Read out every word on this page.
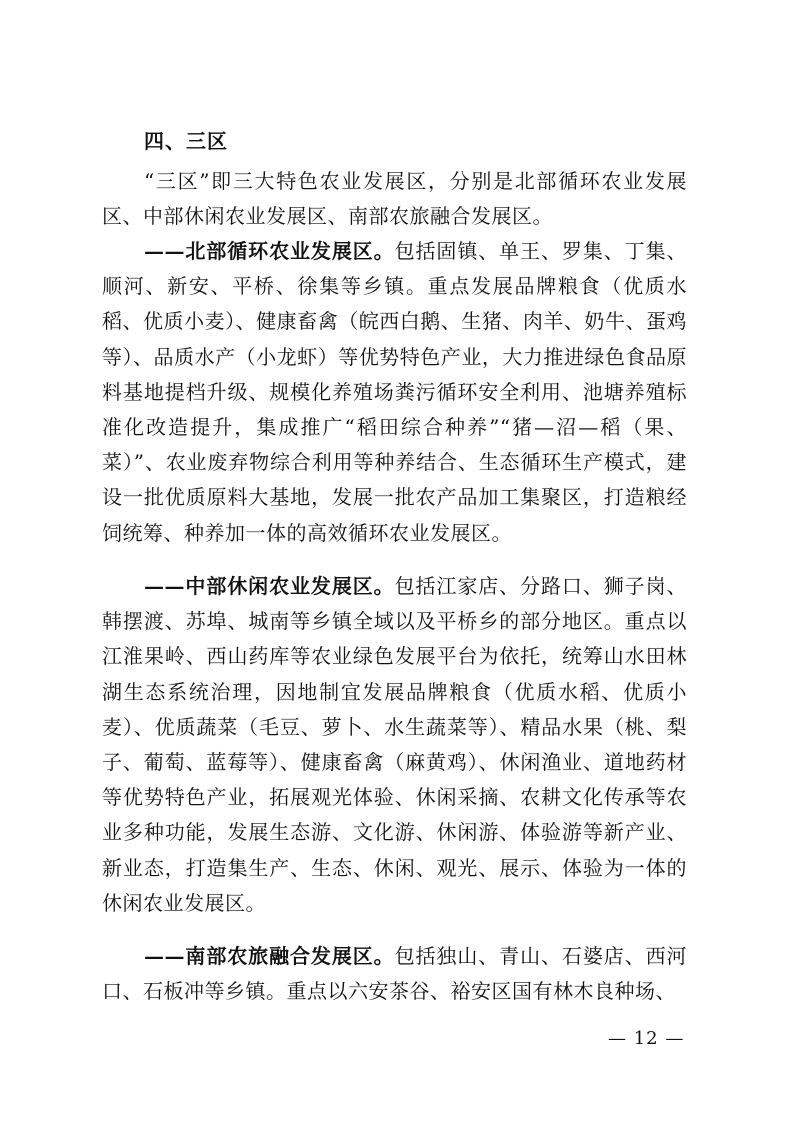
四、三区
“三区”即三大特色农业发展区，分别是北部循环农业发展区、中部休闲农业发展区、南部农旅融合发展区。
——北部循环农业发展区。包括固镇、单王、罗集、丁集、顺河、新安、平桥、徐集等乡镇。重点发展品牌粮食（优质水稻、优质小麦）、健康畜禽（皖西白鹅、生猪、肉羊、奶牛、蛋鸡等）、品质水产（小龙虾）等优势特色产业，大力推进绿色食品原料基地提档升级、规模化养殖场粪污循环安全利用、池塘养殖标准化改造提升，集成推广“稻田综合种养”“猪—沼—稻（果、菜）”、农业废弃物综合利用等种养结合、生态循环生产模式，建设一批优质原料大基地，发展一批农产品加工集聚区，打造粮经饲统筹、种养加一体的高效循环农业发展区。
——中部休闲农业发展区。包括江家店、分路口、狮子岗、韩摆渡、苏埠、城南等乡镇全域以及平桥乡的部分地区。重点以江淮果岭、西山药库等农业绿色发展平台为依托，统筹山水田林湖生态系统治理，因地制宜发展品牌粮食（优质水稻、优质小麦）、优质蔬菜（毛豆、萝卜、水生蔬菜等）、精品水果（桃、梨子、葡萄、蓝莓等）、健康畜禽（麻黄鸡）、休闲渔业、道地药材等优势特色产业，拓展观光体验、休闲采摘、农耕文化传承等农业多种功能，发展生态游、文化游、休闲游、体验游等新产业、新业态，打造集生产、生态、休闲、观光、展示、体验为一体的休闲农业发展区。
——南部农旅融合发展区。包括独山、青山、石婆店、西河口、石板冲等乡镇。重点以六安茶谷、裕安区国有林木良种场、
— 12 —
